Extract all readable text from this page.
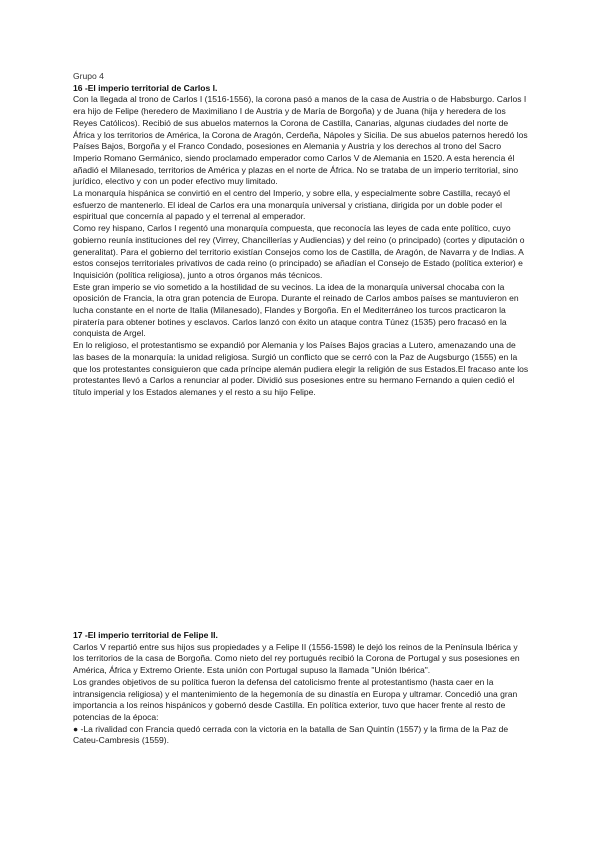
Grupo 4

16 -El imperio territorial de Carlos I.

Con la llegada al trono de Carlos I (1516-1556), la corona pasó a manos de la casa de Austria o de Habsburgo. Carlos I era hijo de Felipe (heredero de Maximiliano I de Austria y de María de Borgoña) y de Juana (hija y heredera de los Reyes Católicos). Recibió de sus abuelos maternos la Corona de Castilla, Canarias, algunas ciudades del norte de África y los territorios de América, la Corona de Aragón, Cerdeña, Nápoles y Sicilia. De sus abuelos paternos heredó los Países Bajos, Borgoña y el Franco Condado, posesiones en Alemania y Austria y los derechos al trono del Sacro Imperio Romano Germánico, siendo proclamado emperador como Carlos V de Alemania en 1520. A esta herencia él añadió el Milanesado, territorios de América y plazas en el norte de África. No se trataba de un imperio territorial, sino jurídico, electivo y con un poder efectivo muy limitado.

La monarquía hispánica se convirtió en el centro del Imperio, y sobre ella, y especialmente sobre Castilla, recayó el esfuerzo de mantenerlo. El ideal de Carlos era una monarquía universal y cristiana, dirigida por un doble poder el espiritual que concernía al papado y el terrenal al emperador.

Como rey hispano, Carlos I regentó una monarquía compuesta, que reconocía las leyes de cada ente político, cuyo gobierno reunía instituciones del rey (Virrey, Chancillerías y Audiencias) y del reino (o principado) (cortes y diputación o generalitat). Para el gobierno del territorio existían Consejos como los de Castilla, de Aragón, de Navarra y de Indias. A estos consejos territoriales privativos de cada reino (o principado) se añadían el Consejo de Estado (política exterior) e Inquisición (política religiosa), junto a otros órganos más técnicos.

Este gran imperio se vio sometido a la hostilidad de su vecinos. La idea de la monarquía universal chocaba con la oposición de Francia, la otra gran potencia de Europa. Durante el reinado de Carlos ambos países se mantuvieron en lucha constante en el norte de Italia (Milanesado), Flandes y Borgoña. En el Mediterráneo los turcos practicaron la piratería para obtener botines y esclavos. Carlos lanzó con éxito un ataque contra Túnez (1535) pero fracasó en la conquista de Argel.

En lo religioso, el protestantismo se expandió por Alemania y los Países Bajos gracias a Lutero, amenazando una de las bases de la monarquía: la unidad religiosa. Surgió un conflicto que se cerró con la Paz de Augsburgo (1555) en la que los protestantes consiguieron que cada príncipe alemán pudiera elegir la religión de sus Estados.El fracaso ante los protestantes llevó a Carlos a renunciar al poder. Dividió sus posesiones entre su hermano Fernando a quien cedió el título imperial y los Estados alemanes y el resto a su hijo Felipe.

17 -El imperio territorial de Felipe II.

Carlos V repartió entre sus hijos sus propiedades y a Felipe II (1556-1598) le dejó los reinos de la Península Ibérica y los territorios de la casa de Borgoña. Como nieto del rey portugués recibió la Corona de Portugal y sus posesiones en América, África y Extremo Oriente. Esta unión con Portugal supuso la llamada "Unión Ibérica".

Los grandes objetivos de su política fueron la defensa del catolicismo frente al protestantismo (hasta caer en la intransigencia religiosa) y el mantenimiento de la hegemonía de su dinastía en Europa y ultramar. Concedió una gran importancia a los reinos hispánicos y gobernó desde Castilla. En política exterior, tuvo que hacer frente al resto de potencias de la época:

● -La rivalidad con Francia quedó cerrada con la victoria en la batalla de San Quintín (1557) y la firma de la Paz de Cateu-Cambresis (1559).
